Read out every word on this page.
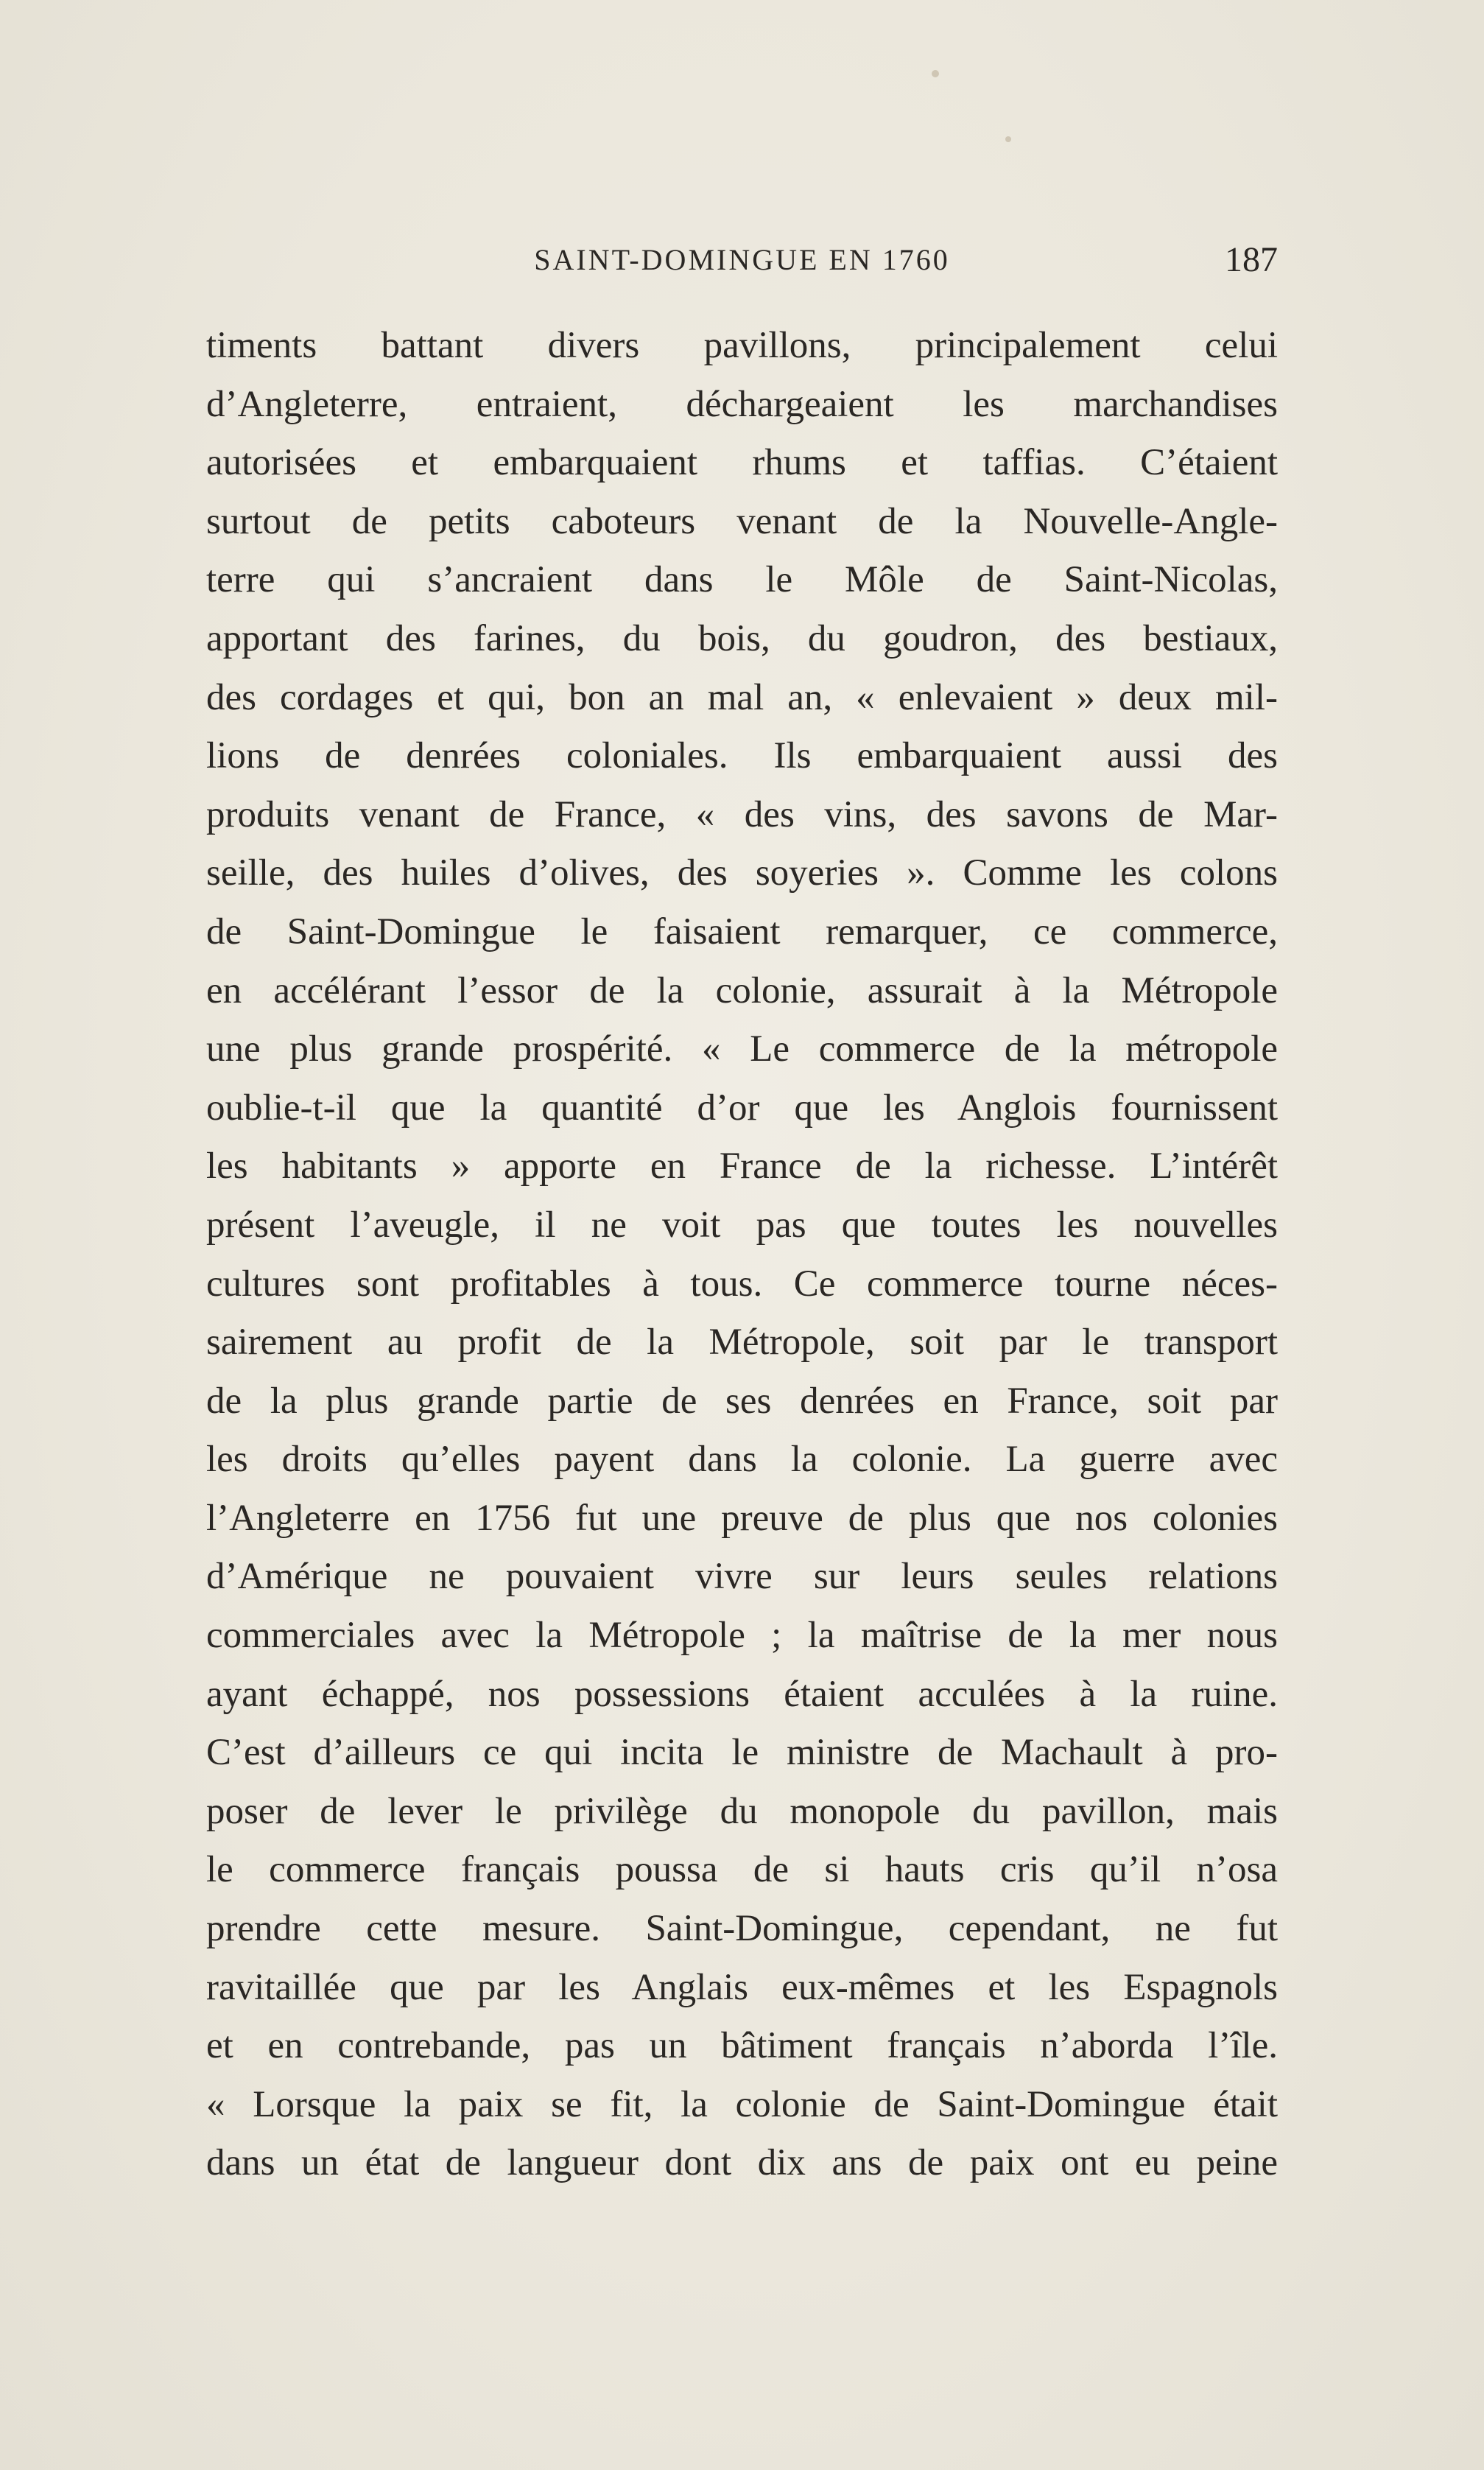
SAINT-DOMINGUE EN 1760	187
timents battant divers pavillons, principalement celui
d’Angleterre, entraient, déchargeaient les marchandises
autorisées et embarquaient rhums et taffias. C’étaient
surtout de petits caboteurs venant de la Nouvelle-Angle-
terre qui s’ancraient dans le Môle de Saint-Nicolas,
apportant des farines, du bois, du goudron, des bestiaux,
des cordages et qui, bon an mal an, « enlevaient » deux mil-
lions de denrées coloniales. Ils embarquaient aussi des
produits venant de France, « des vins, des savons de Mar-
seille, des huiles d’olives, des soyeries ». Comme les colons
de Saint-Domingue le faisaient remarquer, ce commerce,
en accélérant l’essor de la colonie, assurait à la Métropole
une plus grande prospérité. « Le commerce de la métropole
oublie-t-il que la quantité d’or que les Anglois fournissent
les habitants » apporte en France de la richesse. L’intérêt
présent l’aveugle, il ne voit pas que toutes les nouvelles
cultures sont profitables à tous. Ce commerce tourne néces-
sairement au profit de la Métropole, soit par le transport
de la plus grande partie de ses denrées en France, soit par
les droits qu’elles payent dans la colonie. La guerre avec
l’Angleterre en 1756 fut une preuve de plus que nos colonies
d’Amérique ne pouvaient vivre sur leurs seules relations
commerciales avec la Métropole ; la maîtrise de la mer nous
ayant échappé, nos possessions étaient acculées à la ruine.
C’est d’ailleurs ce qui incita le ministre de Machault à pro-
poser de lever le privilège du monopole du pavillon, mais
le commerce français poussa de si hauts cris qu’il n’osa
prendre cette mesure. Saint-Domingue, cependant, ne fut
ravitaillée que par les Anglais eux-mêmes et les Espagnols
et en contrebande, pas un bâtiment français n’aborda l’île.
« Lorsque la paix se fit, la colonie de Saint-Domingue était
dans un état de langueur dont dix ans de paix ont eu peine
